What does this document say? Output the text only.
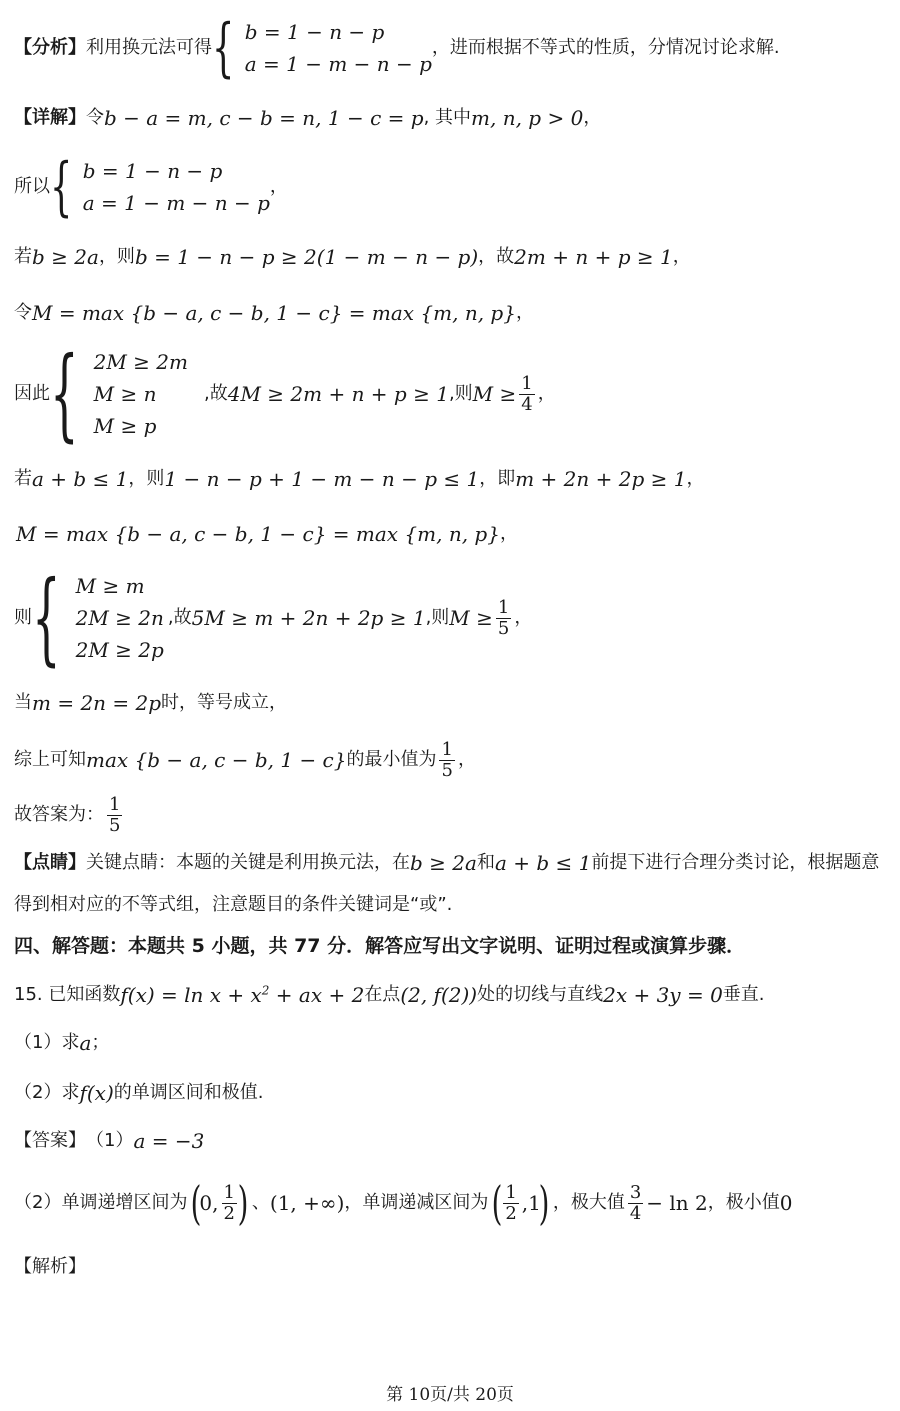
【分析】 利用换元法可得 { b = 1 − n − p
a = 1 − m − n − p
，进而根据不等式的性质，分情况讨论求解.
【详解】 令 b − a = m, c − b = n, 1 − c = p , 其中 m, n, p > 0 ，
所以 { b = 1 − n − p
a = 1 − m − n − p
，
若 b ≥ 2a ，则 b = 1 − n − p ≥ 2(1 − m − n − p) ，故 2m + n + p ≥ 1 ，
令 M = max {b − a, c − b, 1 − c} = max {m, n, p} ，
因此 { 2M ≥ 2m
M ≥ n
M ≥ p
,故 4M ≥ 2m + n + p ≥ 1 ,则 $M \ge \frac{1}{4}$ ，
若 a + b ≤ 1 ，则 1 − n − p + 1 − m − n − p ≤ 1 ，即 m + 2n + 2p ≥ 1 ，
M = max {b − a, c − b, 1 − c} = max {m, n, p} ，
则 { M ≥ m
2M ≥ 2n
2M ≥ 2p
,故 5M ≥ m + 2n + 2p ≥ 1 ,则 $M \ge \frac{1}{5}$ ，
当 m = 2n = 2p 时，等号成立，
综上可知 max {b − a, c − b, 1 − c} 的最小值为 $\frac{1}{5}$ ，
故答案为： $\frac{1}{5}$
【点睛】 关键点睛：本题的关键是利用换元法，在 b ≥ 2a 和 a + b ≤ 1 前提下进行合理分类讨论，根据题意
得到相对应的不等式组，注意题目的条件关键词是“或”.
四、解答题：本题共 5 小题，共 77 分．解答应写出文字说明、证明过程或演算步骤．
15. 已知函数 $f(x) = \ln x + x^2$ + ax + 2 在点 (2, f(2)) 处的切线与直线 2x + 3y = 0 垂直.
（1）求 a ；
（2）求 f(x) 的单调区间和极值.
【答案】 （1） a = −3
（2）单调递增区间为 (
0, $\frac{1}{2}$ ) 、 (1, +∞) ，单调递减区间为 ( $\frac{1}{2} ,1$
) ，极大值 $\frac{3}{4} - \ln 2$ ，极小值 0
【解析】
第 10页/共 20页
